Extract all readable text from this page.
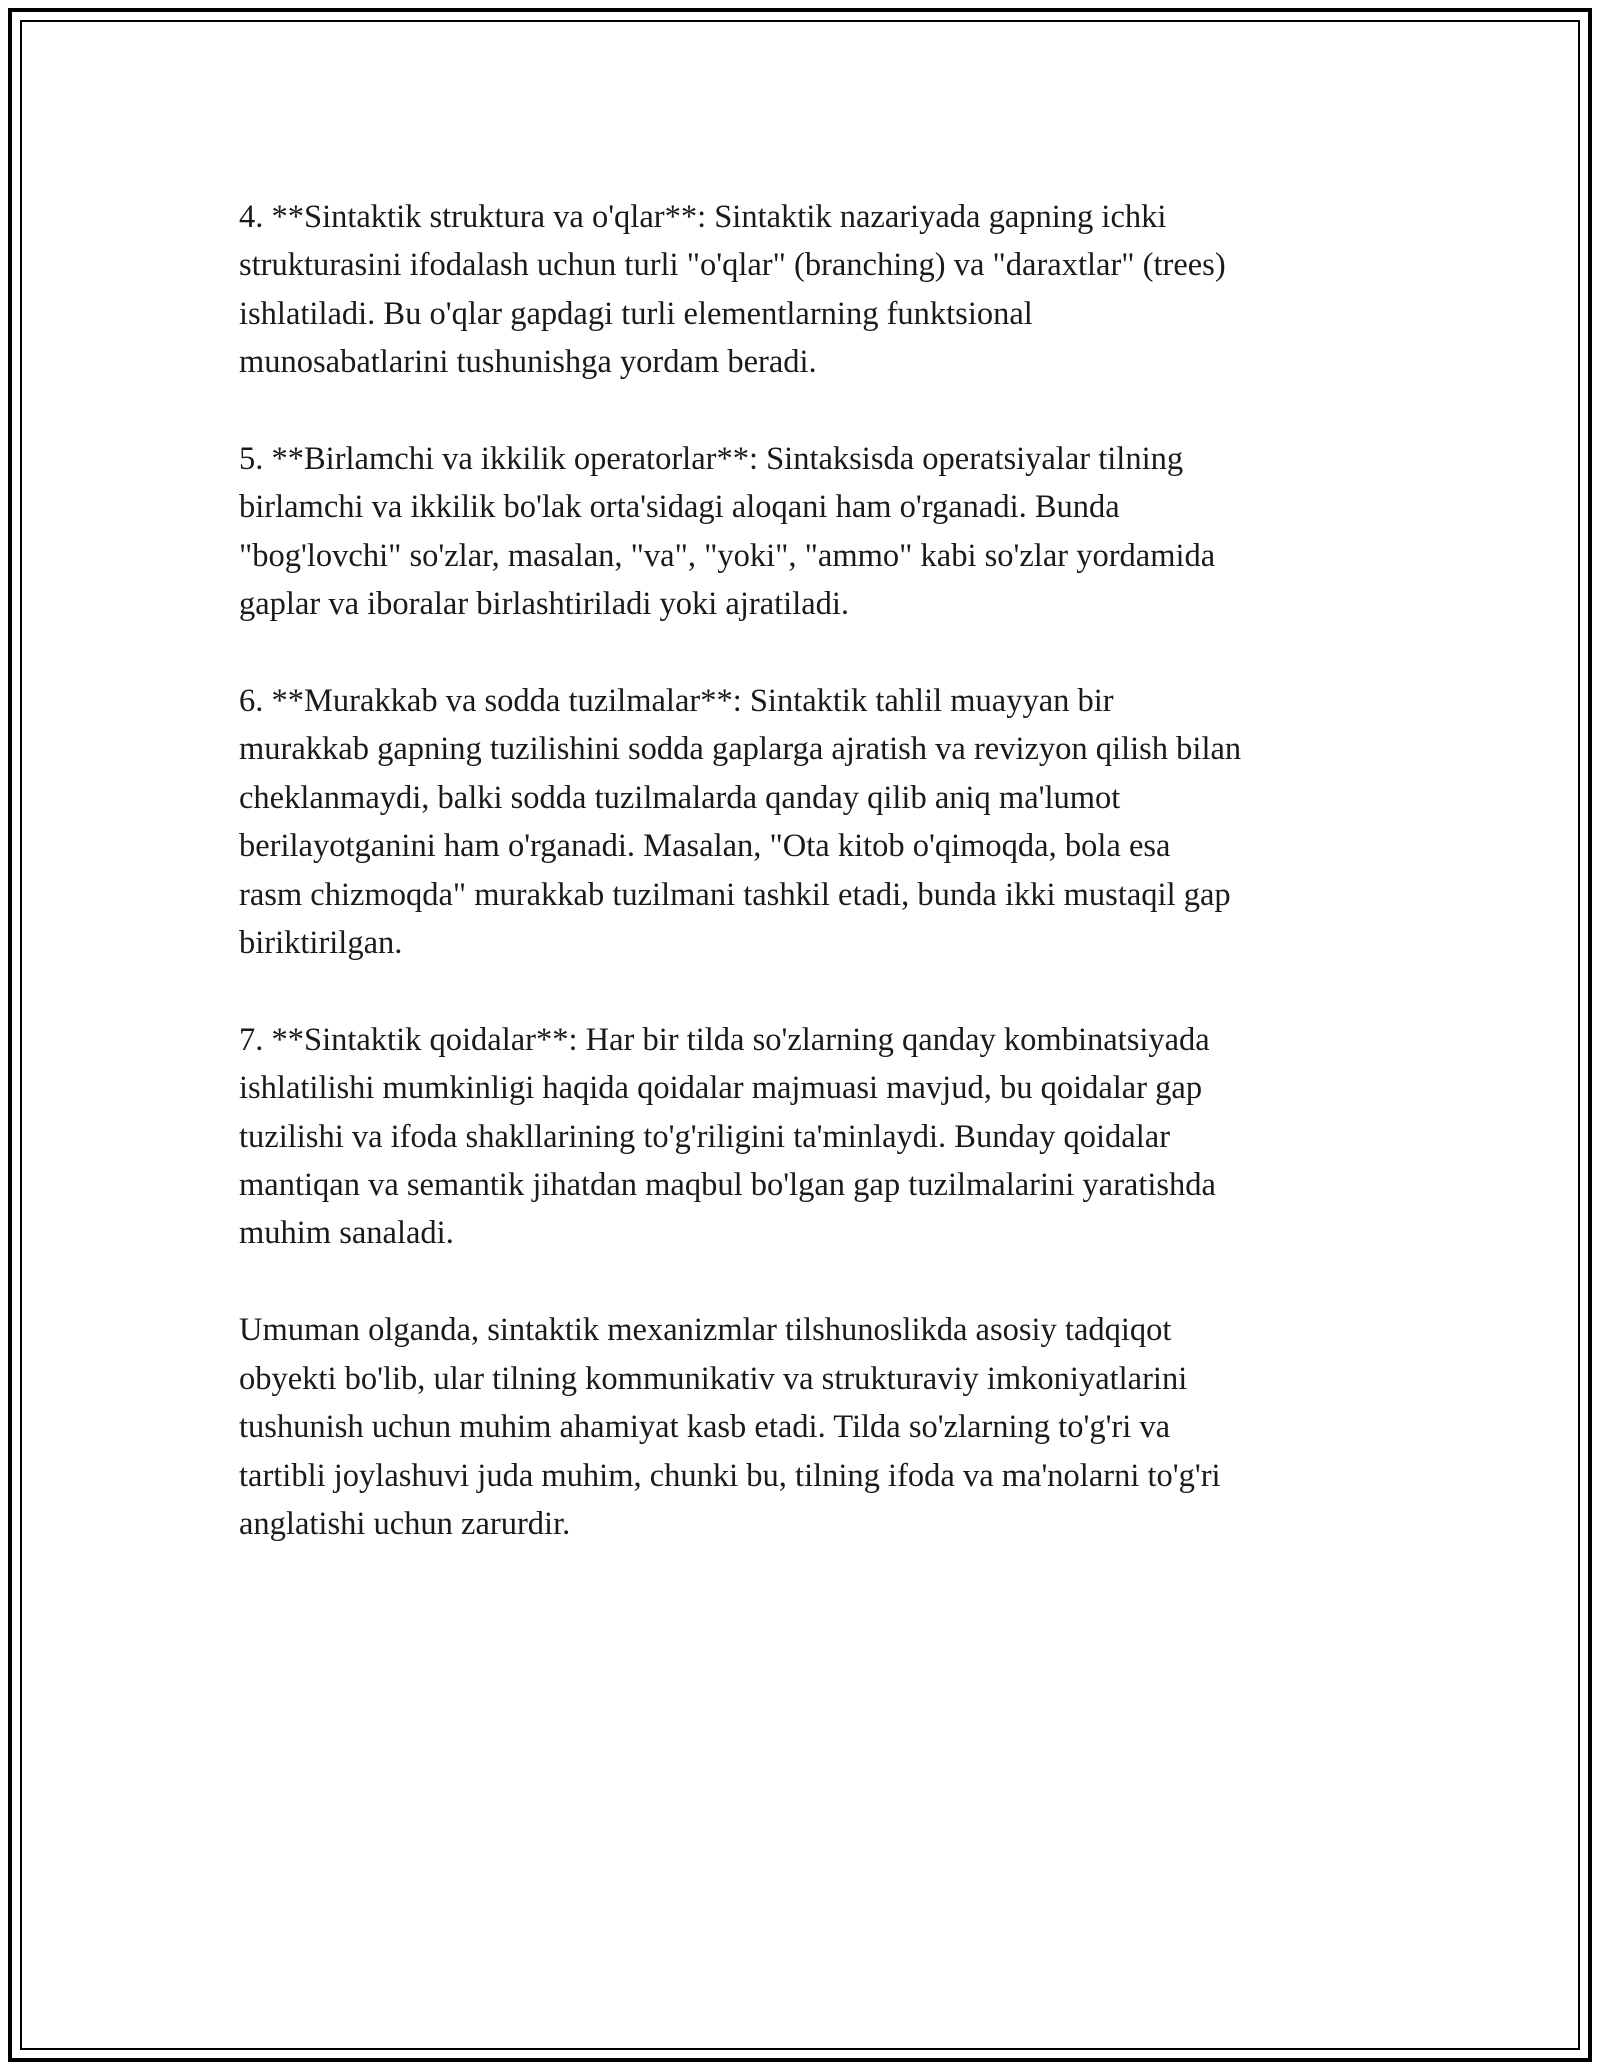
4. **Sintaktik struktura va o'qlar**: Sintaktik nazariyada gapning ichki
strukturasini ifodalash uchun turli "o'qlar" (branching) va "daraxtlar" (trees)
ishlatiladi. Bu o'qlar gapdagi turli elementlarning funktsional
munosabatlarini tushunishga yordam beradi.

5. **Birlamchi va ikkilik operatorlar**: Sintaksisda operatsiyalar tilning
birlamchi va ikkilik bo'lak orta'sidagi aloqani ham o'rganadi. Bunda
"bog'lovchi" so'zlar, masalan, "va", "yoki", "ammo" kabi so'zlar yordamida
gaplar va iboralar birlashtiriladi yoki ajratiladi.

6. **Murakkab va sodda tuzilmalar**: Sintaktik tahlil muayyan bir
murakkab gapning tuzilishini sodda gaplarga ajratish va revizyon qilish bilan
cheklanmaydi, balki sodda tuzilmalarda qanday qilib aniq ma'lumot
berilayotganini ham o'rganadi. Masalan, "Ota kitob o'qimoqda, bola esa
rasm chizmoqda" murakkab tuzilmani tashkil etadi, bunda ikki mustaqil gap
biriktirilgan.

7. **Sintaktik qoidalar**: Har bir tilda so'zlarning qanday kombinatsiyada
ishlatilishi mumkinligi haqida qoidalar majmuasi mavjud, bu qoidalar gap
tuzilishi va ifoda shakllarining to'g'riligini ta'minlaydi. Bunday qoidalar
mantiqan va semantik jihatdan maqbul bo'lgan gap tuzilmalarini yaratishda
muhim sanaladi.

Umuman olganda, sintaktik mexanizmlar tilshunoslikda asosiy tadqiqot
obyekti bo'lib, ular tilning kommunikativ va strukturaviy imkoniyatlarini
tushunish uchun muhim ahamiyat kasb etadi. Tilda so'zlarning to'g'ri va
tartibli joylashuvi juda muhim, chunki bu, tilning ifoda va ma'nolarni to'g'ri
anglatishi uchun zarurdir.
